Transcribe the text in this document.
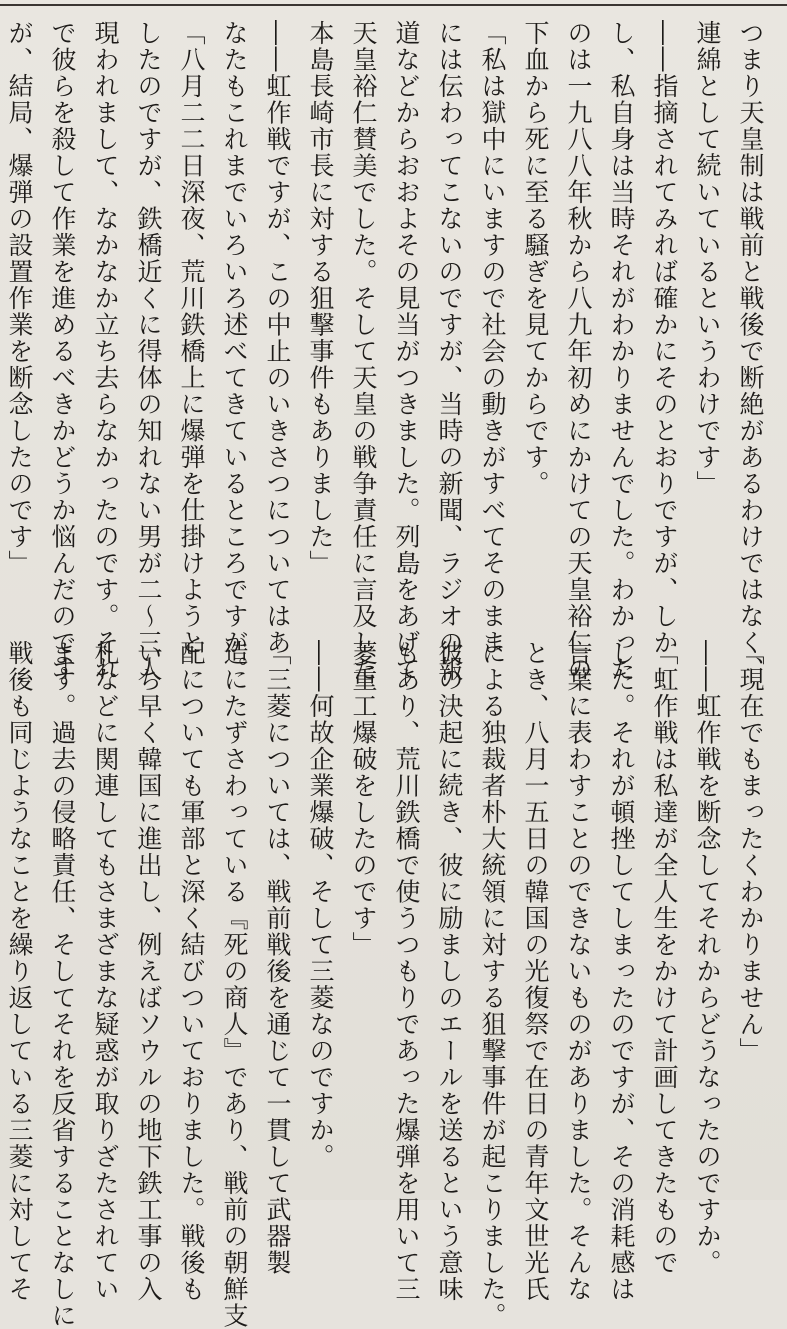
つまり天皇制は戦前と戦後で断絶があるわけではなく、

連綿として続いているというわけです」

――指摘されてみれば確かにそのとおりですが、しか

し、私自身は当時それがわかりませんでした。わかった

のは一九八八年秋から八九年初めにかけての天皇裕仁の

下血から死に至る騒ぎを見てからです。

「私は獄中にいますので社会の動きがすべてそのまま

には伝わってこないのですが、当時の新聞、ラジオの報

道などからおおよその見当がつきました。列島をあげて

天皇裕仁賛美でした。そして天皇の戦争責任に言及した

本島長崎市長に対する狙撃事件もありました」

――虹作戦ですが、この中止のいきさつについてはあ

なたもこれまでいろいろ述べてきているところですが。

「八月二二日深夜、荒川鉄橋上に爆弾を仕掛けようと

したのですが、鉄橋近くに得体の知れない男が二～三人

現われまして、なかなか立ち去らなかったのです。それ

で彼らを殺して作業を進めるべきかどうか悩んだのです

が、結局、爆弾の設置作業を断念したのです」

「現在でもまったくわかりません」

――虹作戦を断念してそれからどうなったのですか。

「虹作戦は私達が全人生をかけて計画してきたもので

した。それが頓挫してしまったのですが、その消耗感は

言葉に表わすことのできないものがありました。そんな

とき、八月一五日の韓国の光復祭で在日の青年文世光氏

による独裁者朴大統領に対する狙撃事件が起こりました。

彼の決起に続き、彼に励ましのエールを送るという意味

もあり、荒川鉄橋で使うつもりであった爆弾を用いて三

菱重工爆破をしたのです」

――何故企業爆破、そして三菱なのですか。

「三菱については、戦前戦後を通じて一貫して武器製

造にたずさわっている『死の商人』であり、戦前の朝鮮支

配についても軍部と深く結びついておりました。戦後も

いち早く韓国に進出し、例えばソウルの地下鉄工事の入

札などに関連してもさまざまな疑惑が取りざたされてい

ます。過去の侵略責任、そしてそれを反省することなしに

戦後も同じようなことを繰り返している三菱に対してそ
